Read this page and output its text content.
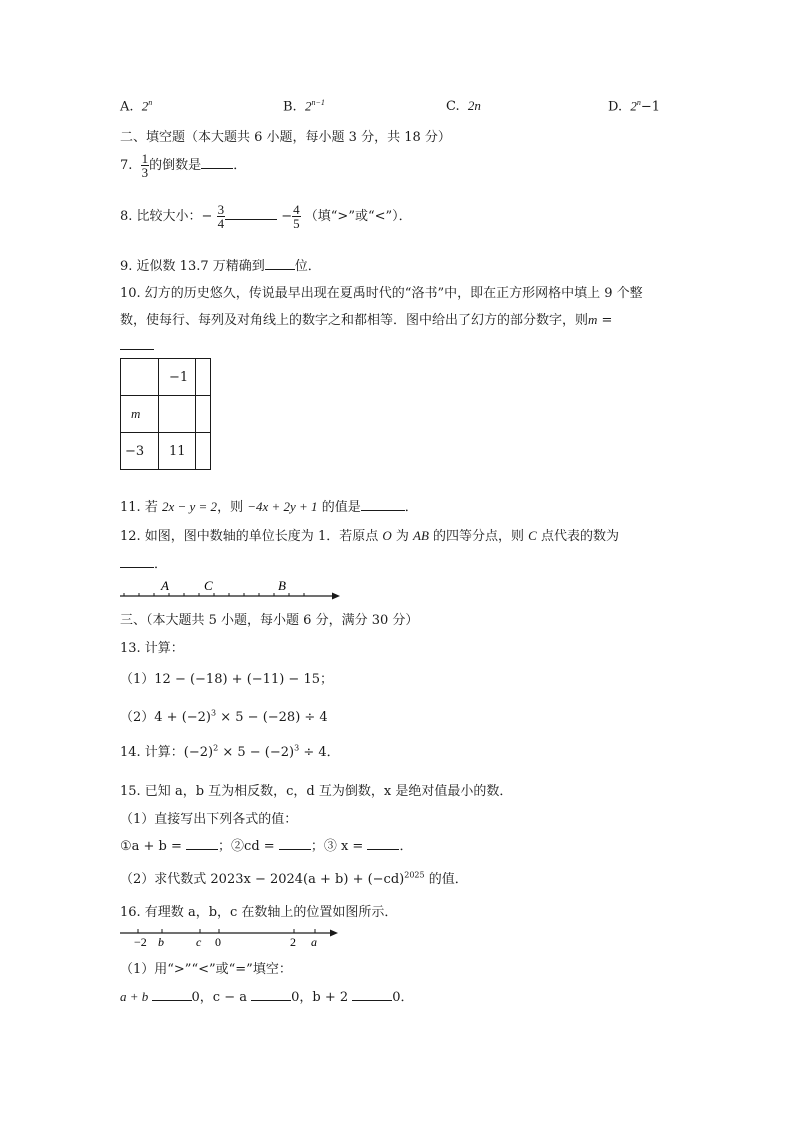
A. 2$^n$	B. $2^{n-1}$	C. 2n	D. $2^n-1$
二、填空题（本大题共 6 小题，每小题 3 分，共 18 分）
7. $\frac{1}{3}$ 的倒数是 ．
8. 比较大小：− $\frac{3}{4}$	− $\frac{4}{5}$ （填“>”或“<”）．
9. 近似数 13.7 万精确到 位．
10. 幻方的历史悠久，传说最早出现在夏禹时代的“洛书”中，即在正方形网格中填上 9 个整
数，使每行、每列及对角线上的数字之和都相等．图中给出了幻方的部分数字，则m =
	−1	
m		
−3	11	
11. 若 2x − y = 2，则 −4x + 2y + 1 的值是	．
12. 如图，图中数轴的单位长度为 1．若原点 O 为 AB 的四等分点，则 C 点代表的数为
．
A	C	B
三、（本大题共 5 小题，每小题 6 分，满分 30 分）
13. 计算：
（1）12 − (−18) + (−11) − 15；
$(2)4 + (-2)^3 \times 5 - (-28) \div 4$
14. 计算：$(-2)^2 \times 5 - (-2)^3 \div 4$．
15. 已知 a，b 互为相反数，c，d 互为倒数，x 是绝对值最小的数．
（1）直接写出下列各式的值：
①a + b = ；②cd = ；③ x = ．
（2）求代数式 $2023x - 2024(a + b) + (-cd)^{2025}$ 的值．
16. 有理数 a，b，c 在数轴上的位置如图所示．
−2 b	c 0	2 a
（1）用“>”“<”或“=”填空：
a + b	0，c − a	0，b + 2	0．
